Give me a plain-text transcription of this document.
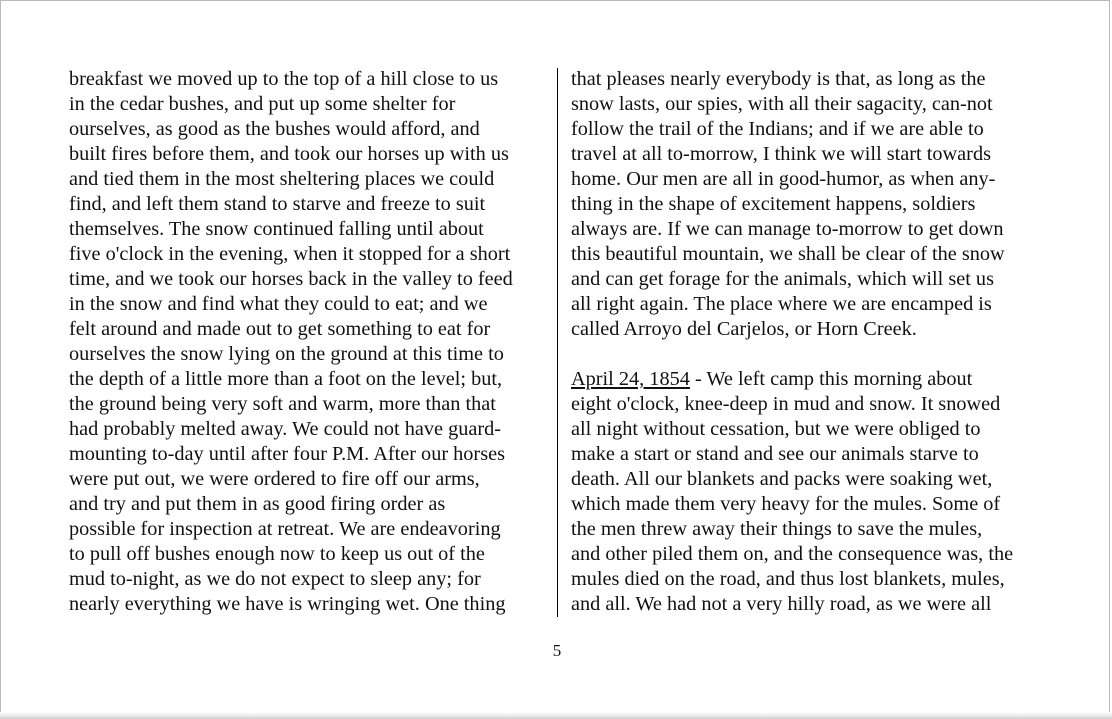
breakfast we moved up to the top of a hill close to us
in the cedar bushes, and put up some shelter for
ourselves, as good as the bushes would afford, and
built fires before them, and took our horses up with us
and tied them in the most sheltering places we could
find, and left them stand to starve and freeze to suit
themselves. The snow continued falling until about
five o'clock in the evening, when it stopped for a short
time, and we took our horses back in the valley to feed
in the snow and find what they could to eat; and we
felt around and made out to get something to eat for
ourselves the snow lying on the ground at this time to
the depth of a little more than a foot on the level; but,
the ground being very soft and warm, more than that
had probably melted away. We could not have guard-
mounting to-day until after four P.M. After our horses
were put out, we were ordered to fire off our arms,
and try and put them in as good firing order as
possible for inspection at retreat. We are endeavoring
to pull off bushes enough now to keep us out of the
mud to-night, as we do not expect to sleep any; for
nearly everything we have is wringing wet. One thing
that pleases nearly everybody is that, as long as the
snow lasts, our spies, with all their sagacity, can-not
follow the trail of the Indians; and if we are able to
travel at all to-morrow, I think we will start towards
home. Our men are all in good-humor, as when any-
thing in the shape of excitement happens, soldiers
always are. If we can manage to-morrow to get down
this beautiful mountain, we shall be clear of the snow
and can get forage for the animals, which will set us
all right again. The place where we are encamped is
called Arroyo del Carjelos, or Horn Creek.
April 24, 1854 - We left camp this morning about
eight o'clock, knee-deep in mud and snow. It snowed
all night without cessation, but we were obliged to
make a start or stand and see our animals starve to
death. All our blankets and packs were soaking wet,
which made them very heavy for the mules. Some of
the men threw away their things to save the mules,
and other piled them on, and the consequence was, the
mules died on the road, and thus lost blankets, mules,
and all. We had not a very hilly road, as we were all
5
